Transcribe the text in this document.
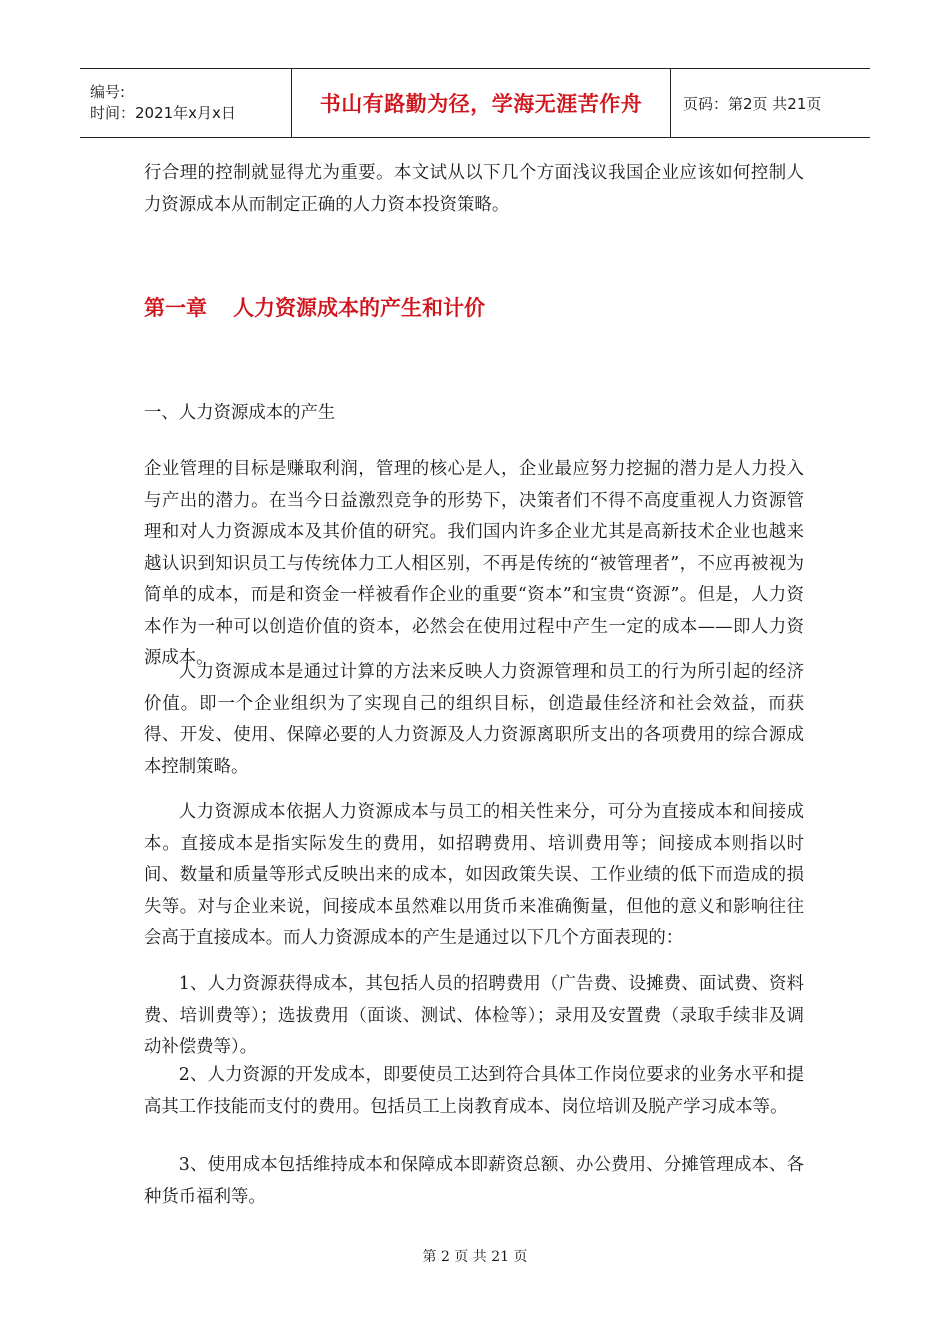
编号:
时间：2021年x月x日	书山有路勤为径，学海无涯苦作舟	页码：第2页 共21页
行合理的控制就显得尤为重要。本文试从以下几个方面浅议我国企业应该如何控制人力资源成本从而制定正确的人力资本投资策略。
第一章 人力资源成本的产生和计价
一、人力资源成本的产生
企业管理的目标是赚取利润，管理的核心是人，企业最应努力挖掘的潜力是人力投入与产出的潜力。在当今日益激烈竞争的形势下，决策者们不得不高度重视人力资源管理和对人力资源成本及其价值的研究。我们国内许多企业尤其是高新技术企业也越来越认识到知识员工与传统体力工人相区别，不再是传统的“被管理者”，不应再被视为简单的成本，而是和资金一样被看作企业的重要“资本”和宝贵“资源”。但是，人力资本作为一种可以创造价值的资本，必然会在使用过程中产生一定的成本——即人力资源成本。
人力资源成本是通过计算的方法来反映人力资源管理和员工的行为所引起的经济价值。即一个企业组织为了实现自己的组织目标，创造最佳经济和社会效益，而获得、开发、使用、保障必要的人力资源及人力资源离职所支出的各项费用的综合源成本控制策略。
人力资源成本依据人力资源成本与员工的相关性来分，可分为直接成本和间接成本。直接成本是指实际发生的费用，如招聘费用、培训费用等；间接成本则指以时间、数量和质量等形式反映出来的成本，如因政策失误、工作业绩的低下而造成的损失等。对与企业来说，间接成本虽然难以用货币来准确衡量，但他的意义和影响往往会高于直接成本。而人力资源成本的产生是通过以下几个方面表现的：
1、人力资源获得成本，其包括人员的招聘费用（广告费、设摊费、面试费、资料费、培训费等）；选拔费用（面谈、测试、体检等）；录用及安置费（录取手续非及调动补偿费等）。
2、人力资源的开发成本，即要使员工达到符合具体工作岗位要求的业务水平和提高其工作技能而支付的费用。包括员工上岗教育成本、岗位培训及脱产学习成本等。
3、使用成本包括维持成本和保障成本即薪资总额、办公费用、分摊管理成本、各种货币福利等。
第 2 页 共 21 页
